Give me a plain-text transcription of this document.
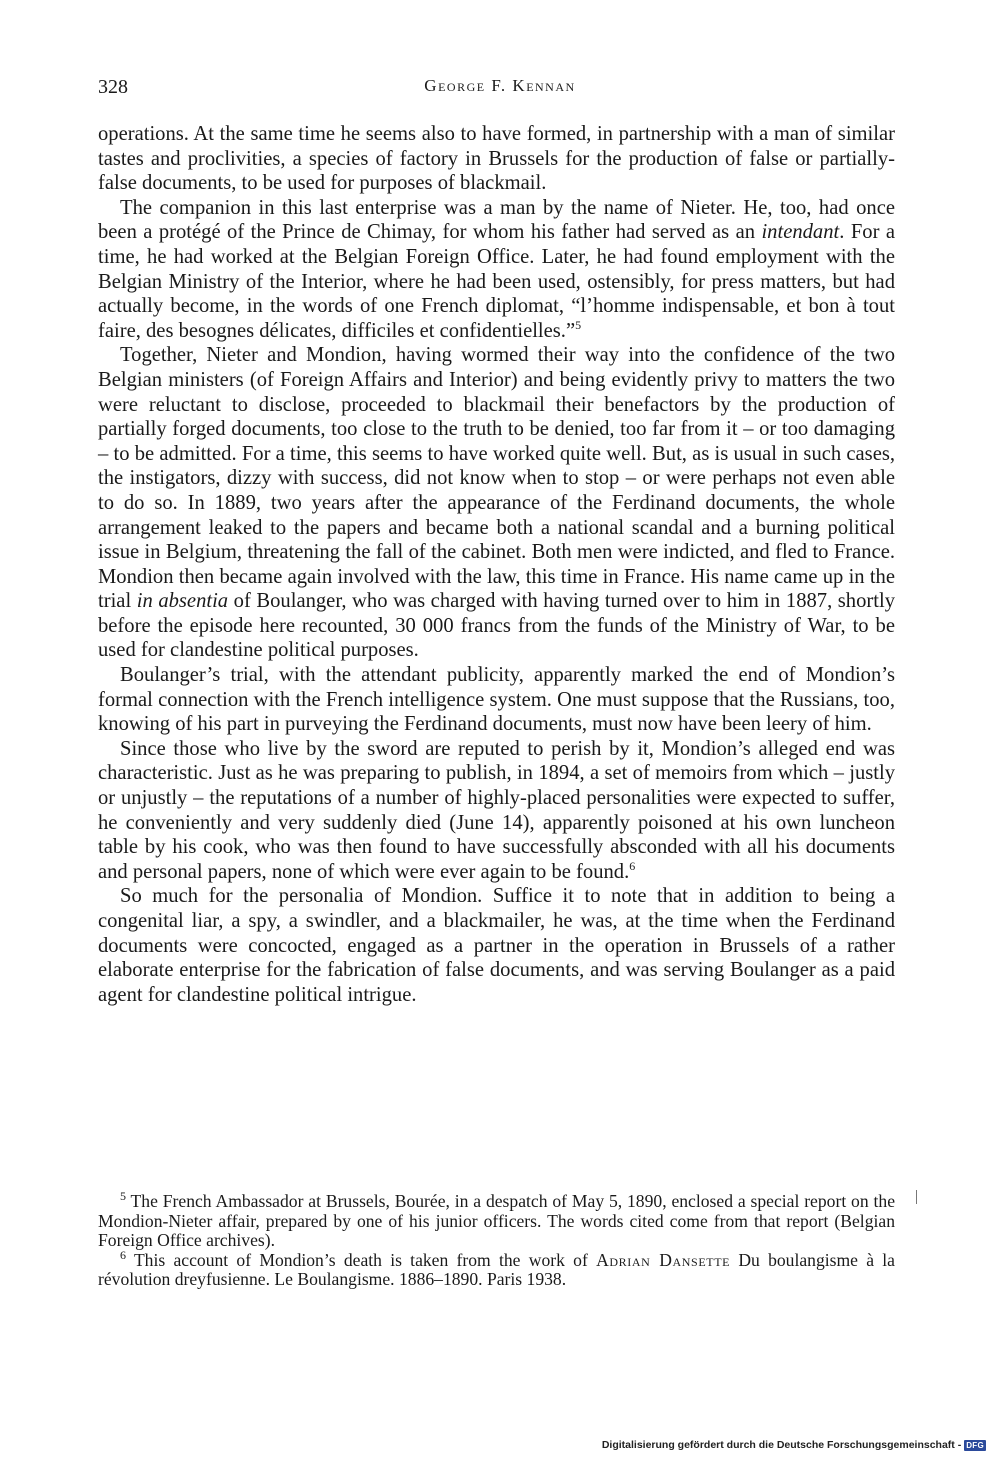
328	George F. Kennan

operations. At the same time he seems also to have formed, in partnership with a man of similar tastes and proclivities, a species of factory in Brussels for the production of false or partially-false documents, to be used for purposes of blackmail.

The companion in this last enterprise was a man by the name of Nieter. He, too, had once been a protégé of the Prince de Chimay, for whom his father had served as an intendant. For a time, he had worked at the Belgian Foreign Office. Later, he had found employment with the Belgian Ministry of the Interior, where he had been used, ostensibly, for press matters, but had actually become, in the words of one French diplomat, “l’homme indispensable, et bon à tout faire, des besognes délicates, difficiles et confidentielles.”$^5$

Together, Nieter and Mondion, having wormed their way into the confidence of the two Belgian ministers (of Foreign Affairs and Interior) and being evidently privy to matters the two were reluctant to disclose, proceeded to blackmail their benefactors by the production of partially forged documents, too close to the truth to be denied, too far from it – or too damaging – to be admitted. For a time, this seems to have worked quite well. But, as is usual in such cases, the instigators, dizzy with success, did not know when to stop – or were perhaps not even able to do so. In 1889, two years after the appearance of the Ferdinand documents, the whole arrangement leaked to the papers and became both a national scandal and a burning political issue in Belgium, threatening the fall of the cabinet. Both men were indicted, and fled to France. Mondion then became again involved with the law, this time in France. His name came up in the trial in absentia of Boulanger, who was charged with having turned over to him in 1887, shortly before the episode here recounted, 30 000 francs from the funds of the Ministry of War, to be used for clandestine political purposes.

Boulanger’s trial, with the attendant publicity, apparently marked the end of Mondion’s formal connection with the French intelligence system. One must suppose that the Russians, too, knowing of his part in purveying the Ferdinand documents, must now have been leery of him.

Since those who live by the sword are reputed to perish by it, Mondion’s alleged end was characteristic. Just as he was preparing to publish, in 1894, a set of memoirs from which – justly or unjustly – the reputations of a number of highly-placed personalities were expected to suffer, he conveniently and very suddenly died (June 14), apparently poisoned at his own luncheon table by his cook, who was then found to have successfully absconded with all his documents and personal papers, none of which were ever again to be found.$^6$

So much for the personalia of Mondion. Suffice it to note that in addition to being a congenital liar, a spy, a swindler, and a blackmailer, he was, at the time when the Ferdinand documents were concocted, engaged as a partner in the operation in Brussels of a rather elaborate enterprise for the fabrication of false documents, and was serving Boulanger as a paid agent for clandestine political intrigue.

$^5$ The French Ambassador at Brussels, Bourée, in a despatch of May 5, 1890, enclosed a special report on the Mondion-Nieter affair, prepared by one of his junior officers. The words cited come from that report (Belgian Foreign Office archives).

$^6$ This account of Mondion’s death is taken from the work of Adrian Dansette Du boulangisme à la révolution dreyfusienne. Le Boulangisme. 1886–1890. Paris 1938.

Digitalisierung gefördert durch die Deutsche Forschungsgemeinschaft - DFG
